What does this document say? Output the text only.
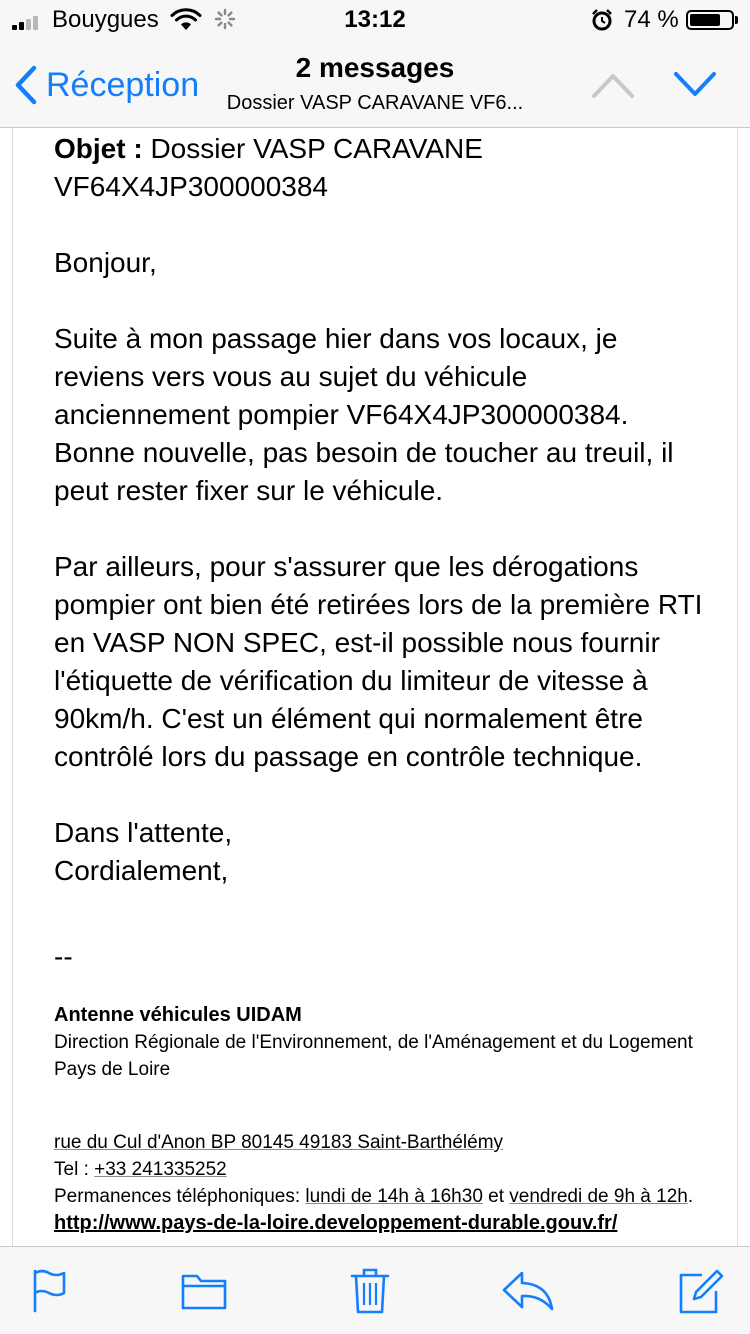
Bouygues	13:12	74 %
Réception	2 messages
Dossier VASP CARAVANE VF6...

Objet : Dossier VASP CARAVANE VF64X4JP300000384

Bonjour,

Suite à mon passage hier dans vos locaux, je reviens vers vous au sujet du véhicule anciennement pompier VF64X4JP300000384. Bonne nouvelle, pas besoin de toucher au treuil, il peut rester fixer sur le véhicule.

Par ailleurs, pour s'assurer que les dérogations pompier ont bien été retirées lors de la première RTI en VASP NON SPEC, est-il possible nous fournir l'étiquette de vérification du limiteur de vitesse à 90km/h. C'est un élément qui normalement être contrôlé lors du passage en contrôle technique.

Dans l'attente,

Cordialement,

--

Antenne véhicules UIDAM
Direction Régionale de l'Environnement, de l'Aménagement et du Logement Pays de Loire
rue du Cul d'Anon BP 80145 49183 Saint-Barthélémy
Tel : +33 241335252
Permanences téléphoniques: lundi de 14h à 16h30 et vendredi de 9h à 12h.
http://www.pays-de-la-loire.developpement-durable.gouv.fr/
